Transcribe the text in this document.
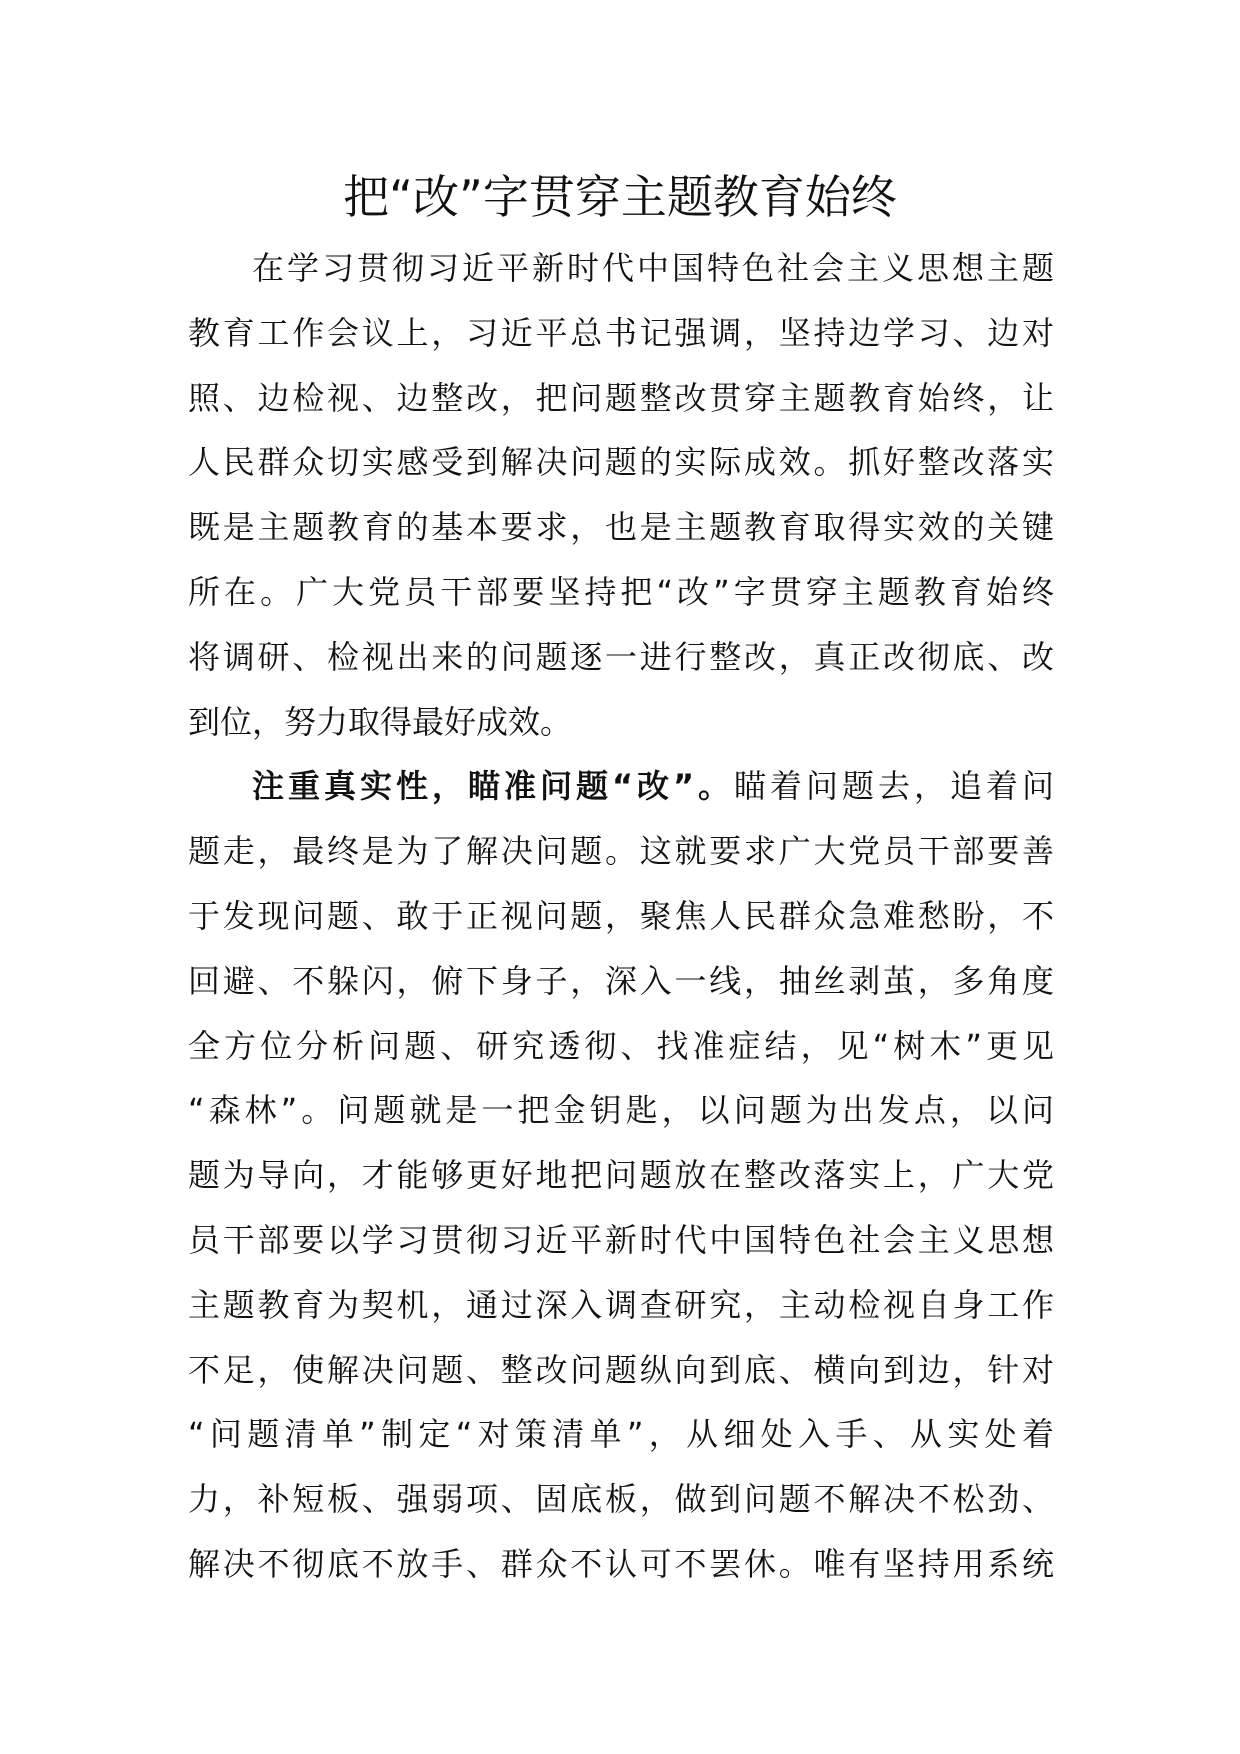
把“改”字贯穿主题教育始终
在学习贯彻习近平新时代中国特色社会主义思想主题
教育工作会议上，习近平总书记强调，坚持边学习、边对
照、边检视、边整改，把问题整改贯穿主题教育始终，让
人民群众切实感受到解决问题的实际成效。抓好整改落实
既是主题教育的基本要求，也是主题教育取得实效的关键
所在。广大党员干部要坚持把“改”字贯穿主题教育始终
将调研、检视出来的问题逐一进行整改，真正改彻底、改
到位，努力取得最好成效。
注重真实性，瞄准问题“改”。瞄着问题去，追着问
题走，最终是为了解决问题。这就要求广大党员干部要善
于发现问题、敢于正视问题，聚焦人民群众急难愁盼，不
回避、不躲闪，俯下身子，深入一线，抽丝剥茧，多角度
全方位分析问题、研究透彻、找准症结，见“树木”更见
“森林”。问题就是一把金钥匙，以问题为出发点，以问
题为导向，才能够更好地把问题放在整改落实上，广大党
员干部要以学习贯彻习近平新时代中国特色社会主义思想
主题教育为契机，通过深入调查研究，主动检视自身工作
不足，使解决问题、整改问题纵向到底、横向到边，针对
“问题清单”制定“对策清单”，从细处入手、从实处着
力，补短板、强弱项、固底板，做到问题不解决不松劲、
解决不彻底不放手、群众不认可不罢休。唯有坚持用系统
